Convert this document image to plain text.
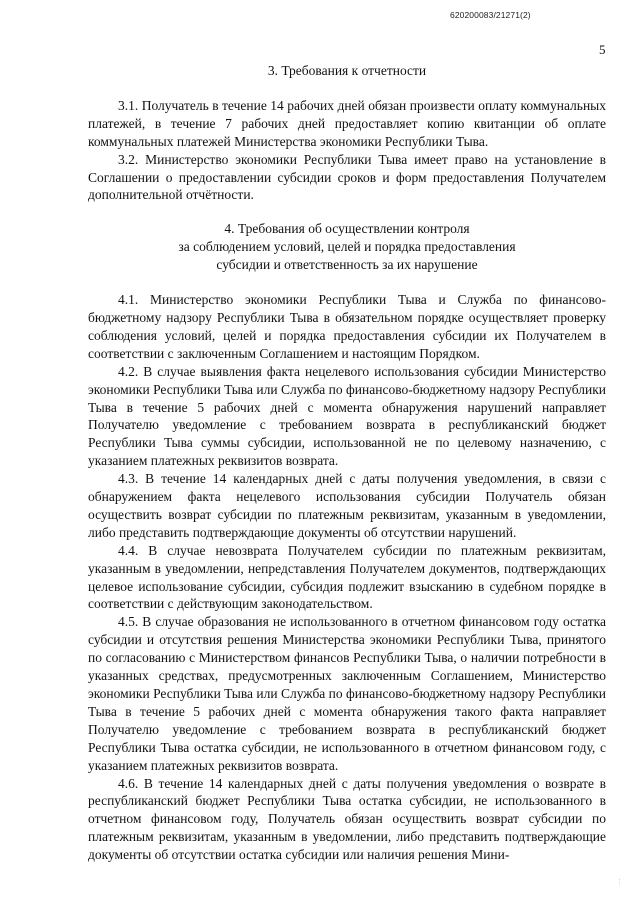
620200083/21271(2)
5
3. Требования к отчетности

3.1. Получатель в течение 14 рабочих дней обязан произвести оплату коммунальных платежей, в течение 7 рабочих дней предоставляет копию квитанции об оплате коммунальных платежей Министерства экономики Республики Тыва.

3.2. Министерство экономики Республики Тыва имеет право на установление в Соглашении о предоставлении субсидии сроков и форм предоставления Получателем дополнительной отчётности.

4. Требования об осуществлении контроля
за соблюдением условий, целей и порядка предоставления
субсидии и ответственность за их нарушение

4.1. Министерство экономики Республики Тыва и Служба по финансово-бюджетному надзору Республики Тыва в обязательном порядке осуществляет проверку соблюдения условий, целей и порядка предоставления субсидии их Получателем в соответствии с заключенным Соглашением и настоящим Порядком.

4.2. В случае выявления факта нецелевого использования субсидии Министерство экономики Республики Тыва или Служба по финансово-бюджетному надзору Республики Тыва в течение 5 рабочих дней с момента обнаружения нарушений направляет Получателю уведомление с требованием возврата в республиканский бюджет Республики Тыва суммы субсидии, использованной не по целевому назначению, с указанием платежных реквизитов возврата.

4.3. В течение 14 календарных дней с даты получения уведомления, в связи с обнаружением факта нецелевого использования субсидии Получатель обязан осуществить возврат субсидии по платежным реквизитам, указанным в уведомлении, либо представить подтверждающие документы об отсутствии нарушений.

4.4. В случае невозврата Получателем субсидии по платежным реквизитам, указанным в уведомлении, непредставления Получателем документов, подтверждающих целевое использование субсидии, субсидия подлежит взысканию в судебном порядке в соответствии с действующим законодательством.

4.5. В случае образования не использованного в отчетном финансовом году остатка субсидии и отсутствия решения Министерства экономики Республики Тыва, принятого по согласованию с Министерством финансов Республики Тыва, о наличии потребности в указанных средствах, предусмотренных заключенным Соглашением, Министерство экономики Республики Тыва или Служба по финансово-бюджетному надзору Республики Тыва в течение 5 рабочих дней с момента обнаружения такого факта направляет Получателю уведомление с требованием возврата в республиканский бюджет Республики Тыва остатка субсидии, не использованного в отчетном финансовом году, с указанием платежных реквизитов возврата.

4.6. В течение 14 календарных дней с даты получения уведомления о возврате в республиканский бюджет Республики Тыва остатка субсидии, не использованного в отчетном финансовом году, Получатель обязан осуществить возврат субсидии по платежным реквизитам, указанным в уведомлении, либо представить подтверждающие документы об отсутствии остатка субсидии или наличия решения Мини-

⋮
